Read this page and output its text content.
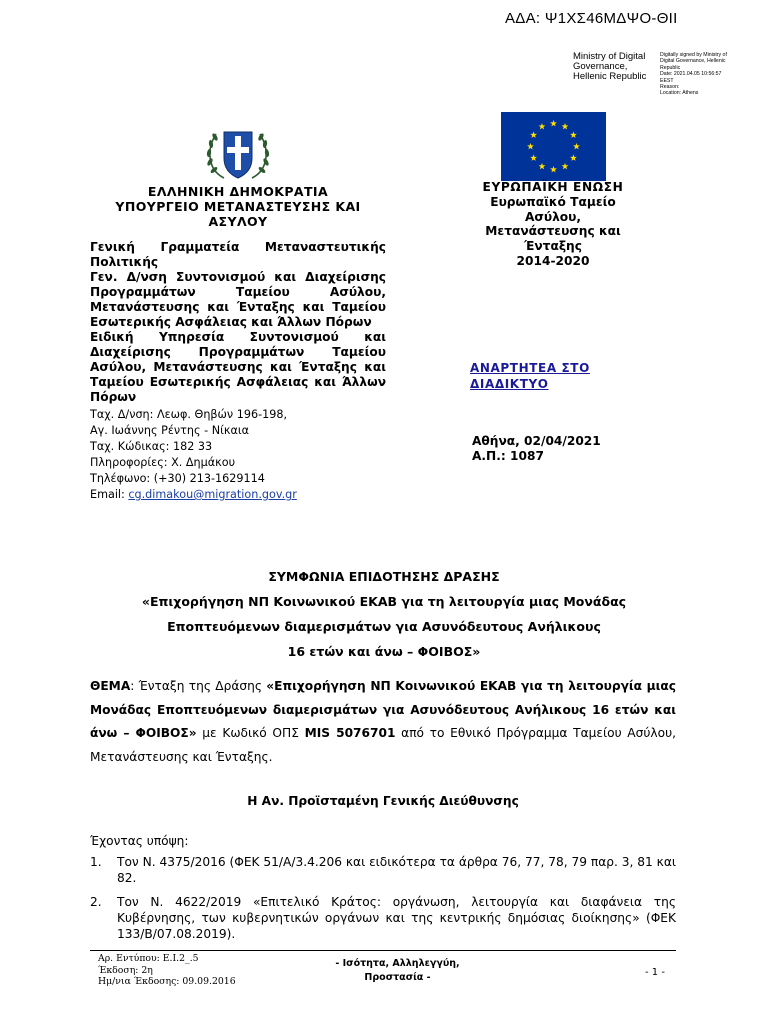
ΑΔΑ: Ψ1ΧΣ46ΜΔΨΟ-ΘΙΙ
Ministry of Digital
Governance,
Hellenic Republic
Digitally signed by Ministry of
Digital Governance, Hellenic
Republic
Date: 2021.04.05 10:56:57
EEST
Reason:
Location: Athens
ΕΛΛΗΝΙΚΗ ΔΗΜΟΚΡΑΤΙΑ
ΥΠΟΥΡΓΕΙΟ ΜΕΤΑΝΑΣΤΕΥΣΗΣ ΚΑΙ
ΑΣΥΛΟΥ

Γενική Γραμματεία Μεταναστευτικής Πολιτικής

Γεν. Δ/νση Συντονισμού και Διαχείρισης Προγραμμάτων Ταμείου Ασύλου, Μετανάστευσης και Ένταξης και Ταμείου Εσωτερικής Ασφάλειας και Άλλων Πόρων

Ειδική Υπηρεσία Συντονισμού και Διαχείρισης Προγραμμάτων Ταμείου Ασύλου, Μετανάστευσης και Ένταξης και Ταμείου Εσωτερικής Ασφάλειας και Άλλων Πόρων

Ταχ. Δ/νση: Λεωφ. Θηβών 196-198,

Αγ. Ιωάννης Ρέντης - Νίκαια

Ταχ. Κώδικας: 182 33

Πληροφορίες: Χ. Δημάκου

Τηλέφωνο: (+30) 213-1629114

Email: cg.dimakou@migration.gov.gr

ΕΥΡΩΠΑΪΚΗ ΕΝΩΣΗ
Ευρωπαϊκό Ταμείο
Ασύλου,
Μετανάστευσης και
Ένταξης
2014-2020
ΑΝΑΡΤΗΤΕΑ ΣΤΟ
ΔΙΑΔΙΚΤΥΟ
Αθήνα, 02/04/2021
Α.Π.: 1087
ΣΥΜΦΩΝΙΑ ΕΠΙΔΟΤΗΣΗΣ ΔΡΑΣΗΣ
«Επιχορήγηση ΝΠ Κοινωνικού ΕΚΑΒ για τη λειτουργία μιας Μονάδας
Εποπτευόμενων διαμερισμάτων για Ασυνόδευτους Ανήλικους
16 ετών και άνω – ΦΟΙΒΟΣ»
ΘΕΜΑ: Ένταξη της Δράσης «Επιχορήγηση ΝΠ Κοινωνικού ΕΚΑΒ για τη λειτουργία μιας Μονάδας Εποπτευόμενων διαμερισμάτων για Ασυνόδευτους Ανήλικους 16 ετών και άνω – ΦΟΙΒΟΣ» με Κωδικό ΟΠΣ MIS 5076701 από το Εθνικό Πρόγραμμα Ταμείου Ασύλου, Μετανάστευσης και Ένταξης.
Η Αν. Προϊσταμένη Γενικής Διεύθυνσης
Έχοντας υπόψη:
1. Τον Ν. 4375/2016 (ΦΕΚ 51/Α/3.4.206 και ειδικότερα τα άρθρα 76, 77, 78, 79 παρ. 3, 81 και 82.
2. Τον Ν. 4622/2019 «Επιτελικό Κράτος: οργάνωση, λειτουργία και διαφάνεια της Κυβέρνησης, των κυβερνητικών οργάνων και της κεντρικής δημόσιας διοίκησης» (ΦΕΚ 133/Β/07.08.2019).
Αρ. Εντύπου: Ε.Ι.2_.5
Έκδοση: 2η
Ημ/νια Έκδοσης: 09.09.2016
- Ισότητα, Αλληλεγγύη,
Προστασία -	- 1 -
